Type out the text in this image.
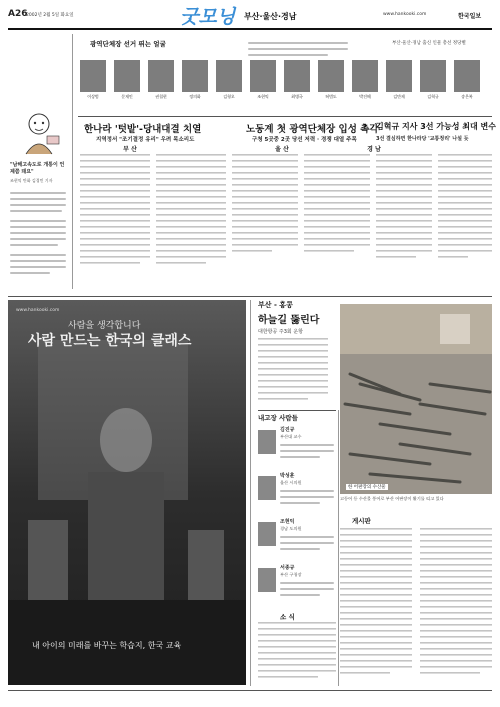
A26
2002년 2월 5일 화요일	굿모닝 부산·울산·경남	www.hankooki.com	한국일보
"남해고속도로 개통이 언제쯤 돼요"
조현익 만화 김경민 기자
광역단체장 선거 뛰는 얼굴	부산·울산·경남 출신 인물 총선 정당별
이상범	문재인	권철현	정의화	김형오	조현익	최병국	허범도	박진해	김만제	김혁규	송은복
한나라 '텃밭'-당내대결 치열
지역정서 "조기결정 유리" 우려 목소리도
노동계 첫 광역단체장 입성 촉각
구청 5곳중 2곳 당선 저력 · 경쟁 대열 주목
김혁규 지사 3선 가능성 최대 변수
3선 결심하면 한나라당 '교통정리' 나설 듯
부 산	울 산	경 남
사람을 생각합니다
사람 만드는 한국의 클래스
내 아이의 미래를 바꾸는 학습지, 한국 교육
www.hankooki.com
부산 - 홍콩
하늘길 뚫린다
대한항공 주3회 운항
한 어판장의 수산물
고등어 등 수산물 풍어로 부산 어판장이 활기를 띠고 있다
내고장 사람들
김진규
부산대 교수
박성훈
울산 시의원
조현익
경남 도의원
서종규
부산 구청장
소 식
게시판
